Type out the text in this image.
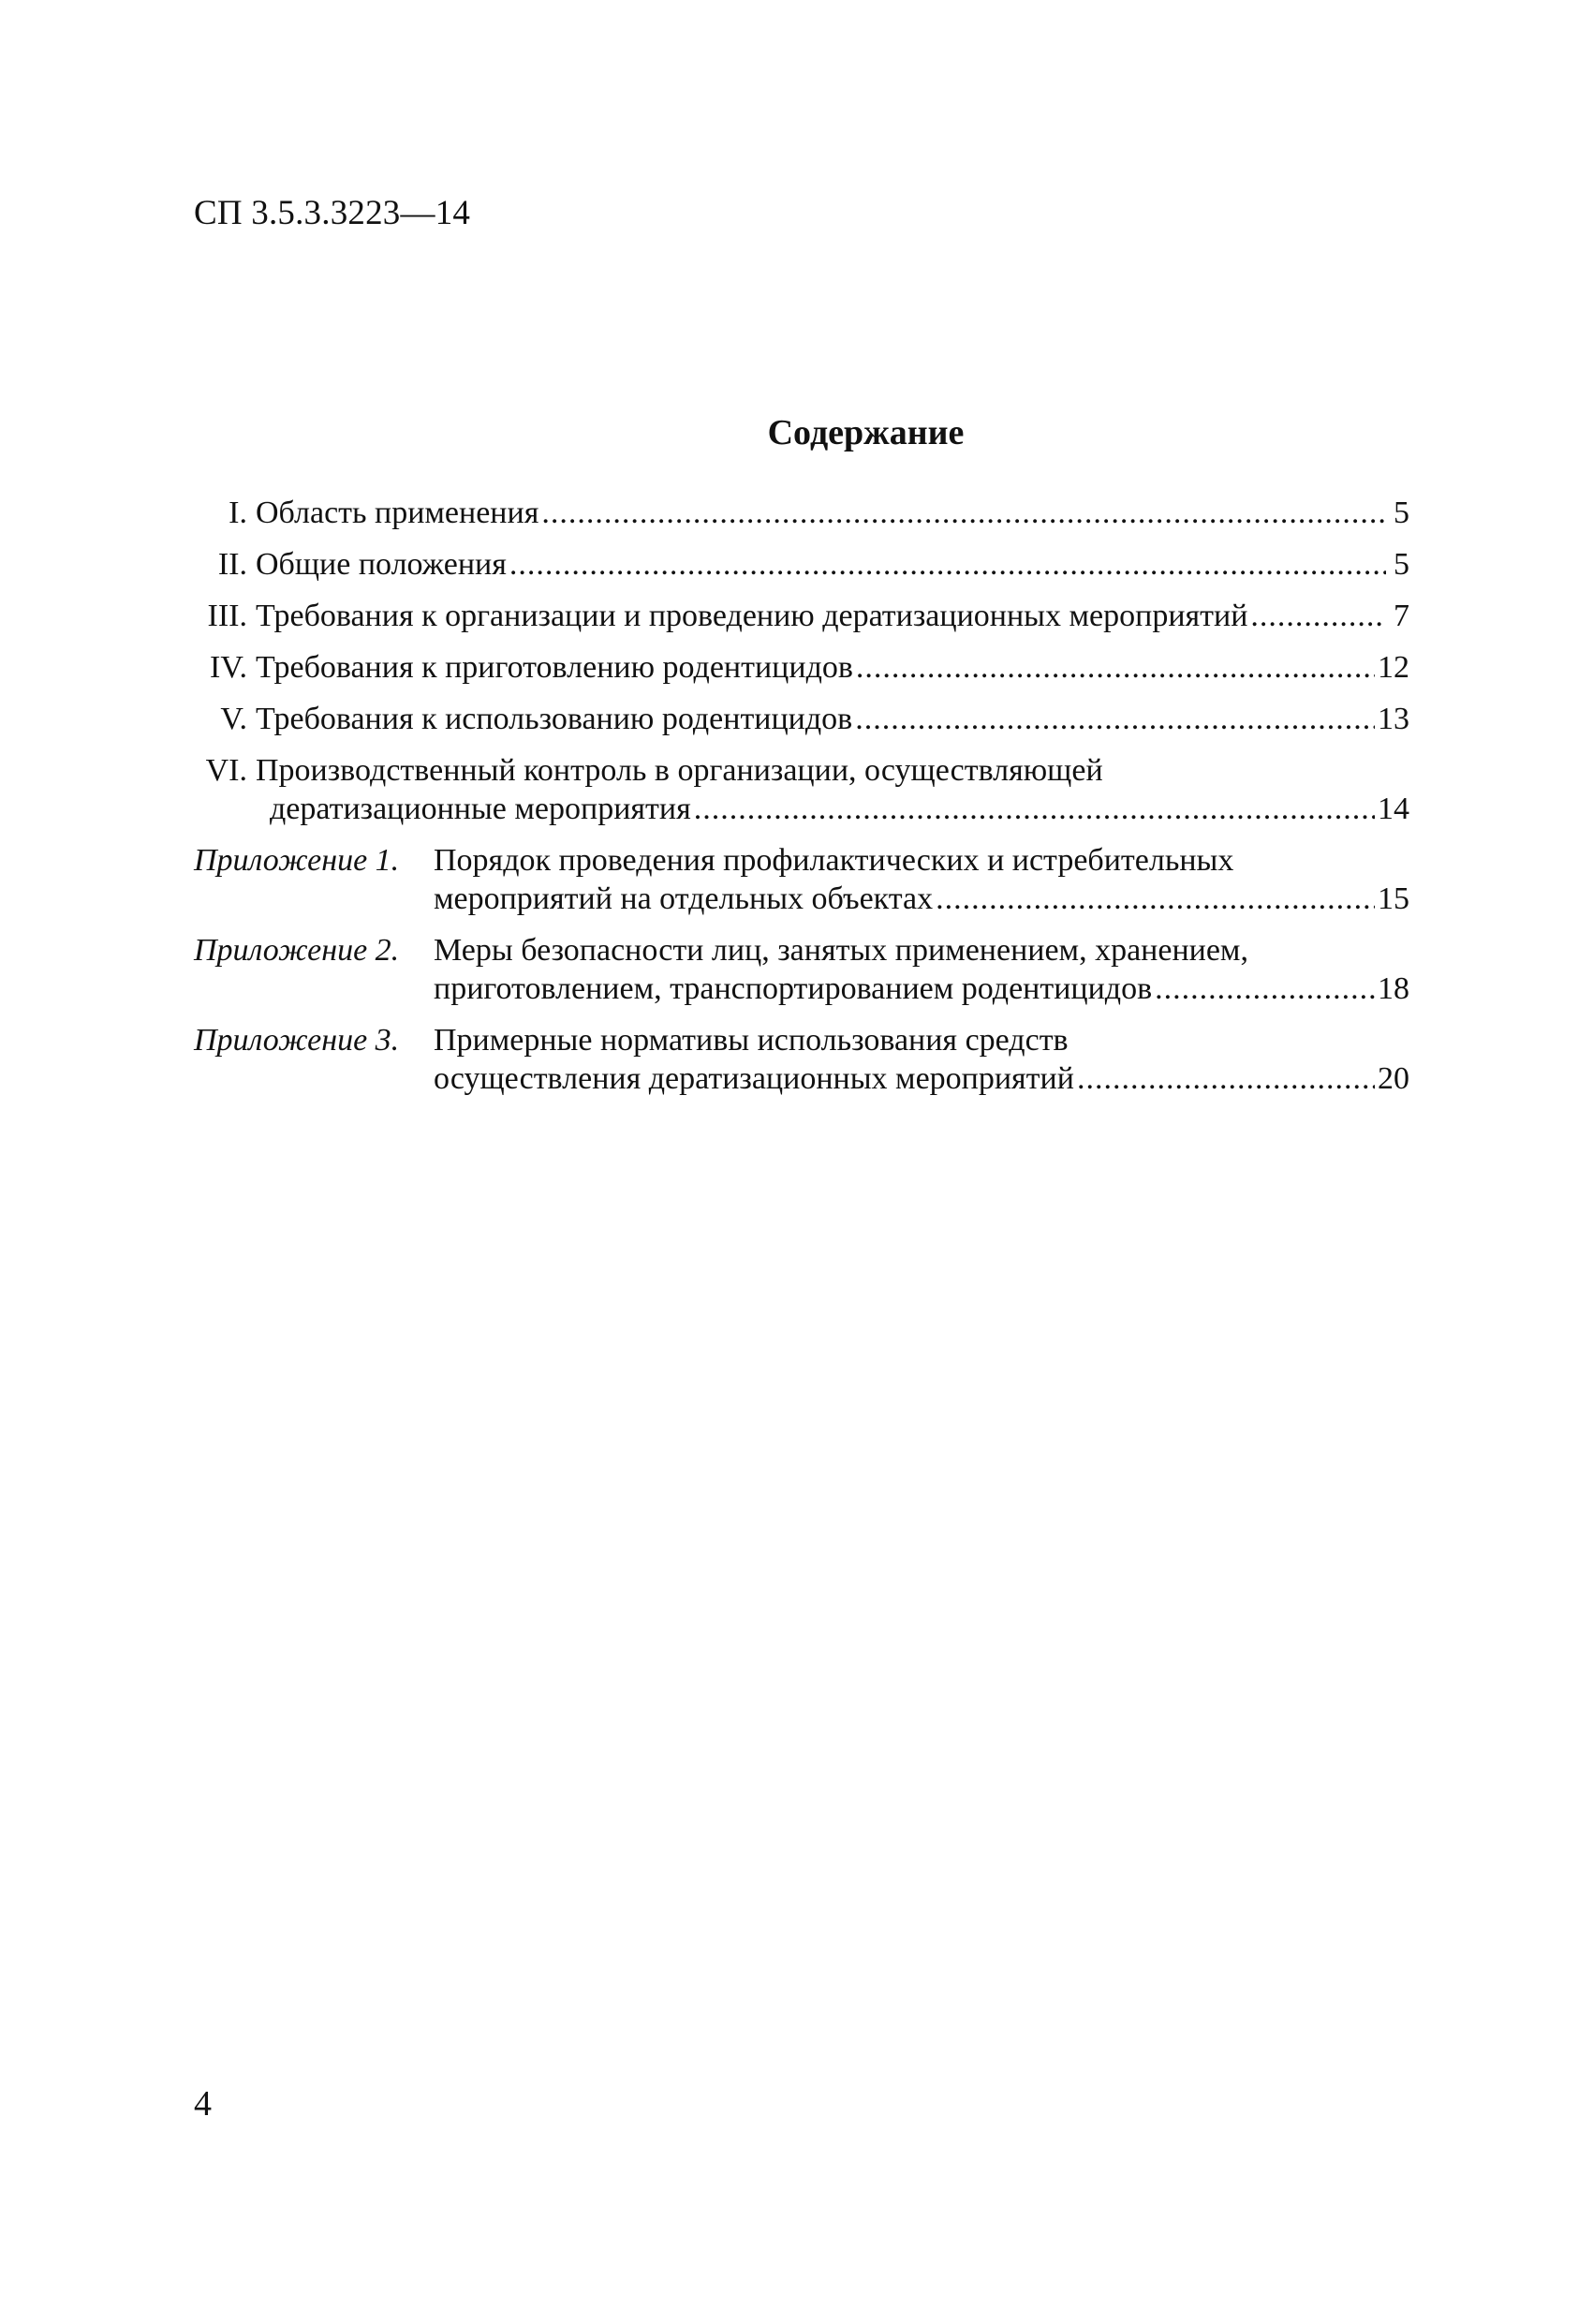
СП 3.5.3.3223—14
Содержание
I. Область применения .....	5
II. Общие положения .....	5
III. Требования к организации и проведению дератизационных мероприятий .....	7
IV. Требования к приготовлению родентицидов .....	12
V. Требования к использованию родентицидов .....	13
VI. Производственный контроль в организации, осуществляющей
дератизационные мероприятия .....	14
Приложение 1.	Порядок проведения профилактических и истребительных
мероприятий на отдельных объектах .....	15
Приложение 2.	Меры безопасности лиц, занятых применением, хранением,
приготовлением, транспортированием родентицидов .....	18
Приложение 3.	Примерные нормативы использования средств
осуществления дератизационных мероприятий .....	20
4
